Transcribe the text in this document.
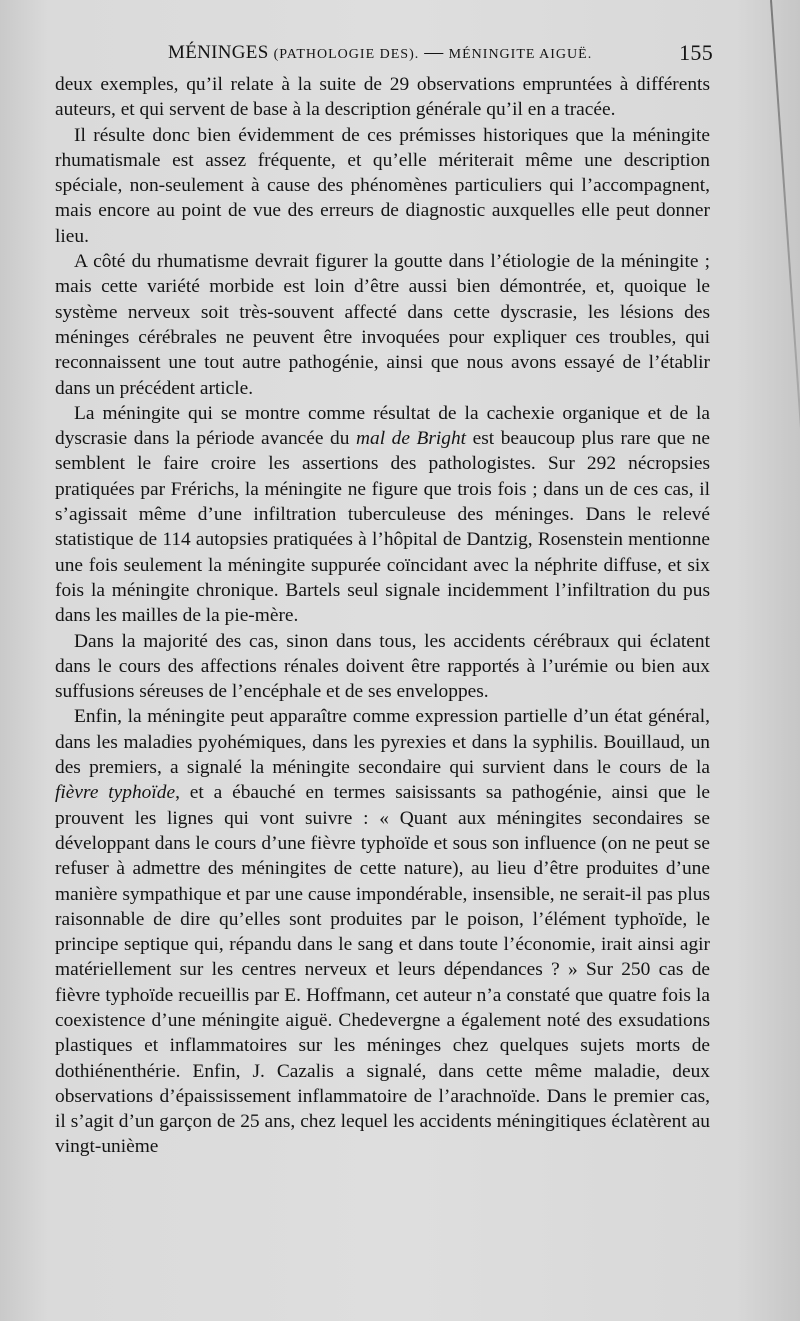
MÉNINGES (PATHOLOGIE DES). — MÉNINGITE AIGUË.	155

deux exemples, qu’il relate à la suite de 29 observations empruntées à différents auteurs, et qui servent de base à la description générale qu’il en a tracée.

Il résulte donc bien évidemment de ces prémisses historiques que la méningite rhumatismale est assez fréquente, et qu’elle mériterait même une description spéciale, non-seulement à cause des phénomènes particuliers qui l’accompagnent, mais encore au point de vue des erreurs de diagnostic auxquelles elle peut donner lieu.

A côté du rhumatisme devrait figurer la goutte dans l’étiologie de la méningite ; mais cette variété morbide est loin d’être aussi bien démontrée, et, quoique le système nerveux soit très-souvent affecté dans cette dyscrasie, les lésions des méninges cérébrales ne peuvent être invoquées pour expliquer ces troubles, qui reconnaissent une tout autre pathogénie, ainsi que nous avons essayé de l’établir dans un précédent article.

La méningite qui se montre comme résultat de la cachexie organique et de la dyscrasie dans la période avancée du mal de Bright est beaucoup plus rare que ne semblent le faire croire les assertions des pathologistes. Sur 292 nécropsies pratiquées par Frérichs, la méningite ne figure que trois fois ; dans un de ces cas, il s’agissait même d’une infiltration tuberculeuse des méninges. Dans le relevé statistique de 114 autopsies pratiquées à l’hôpital de Dantzig, Rosenstein mentionne une fois seulement la méningite suppurée coïncidant avec la néphrite diffuse, et six fois la méningite chronique. Bartels seul signale incidemment l’infiltration du pus dans les mailles de la pie-mère.

Dans la majorité des cas, sinon dans tous, les accidents cérébraux qui éclatent dans le cours des affections rénales doivent être rapportés à l’urémie ou bien aux suffusions séreuses de l’encéphale et de ses enveloppes.

Enfin, la méningite peut apparaître comme expression partielle d’un état général, dans les maladies pyohémiques, dans les pyrexies et dans la syphilis. Bouillaud, un des premiers, a signalé la méningite secondaire qui survient dans le cours de la fièvre typhoïde, et a ébauché en termes saisissants sa pathogénie, ainsi que le prouvent les lignes qui vont suivre : « Quant aux méningites secondaires se développant dans le cours d’une fièvre typhoïde et sous son influence (on ne peut se refuser à admettre des méningites de cette nature), au lieu d’être produites d’une manière sympathique et par une cause impondérable, insensible, ne serait-il pas plus raisonnable de dire qu’elles sont produites par le poison, l’élément typhoïde, le principe septique qui, répandu dans le sang et dans toute l’économie, irait ainsi agir matériellement sur les centres nerveux et leurs dépendances ? » Sur 250 cas de fièvre typhoïde recueillis par E. Hoffmann, cet auteur n’a constaté que quatre fois la coexistence d’une méningite aiguë. Chedevergne a également noté des exsudations plastiques et inflammatoires sur les méninges chez quelques sujets morts de dothiénenthérie. Enfin, J. Cazalis a signalé, dans cette même maladie, deux observations d’épaississement inflammatoire de l’arachnoïde. Dans le premier cas, il s’agit d’un garçon de 25 ans, chez lequel les accidents méningitiques éclatèrent au vingt-unième
